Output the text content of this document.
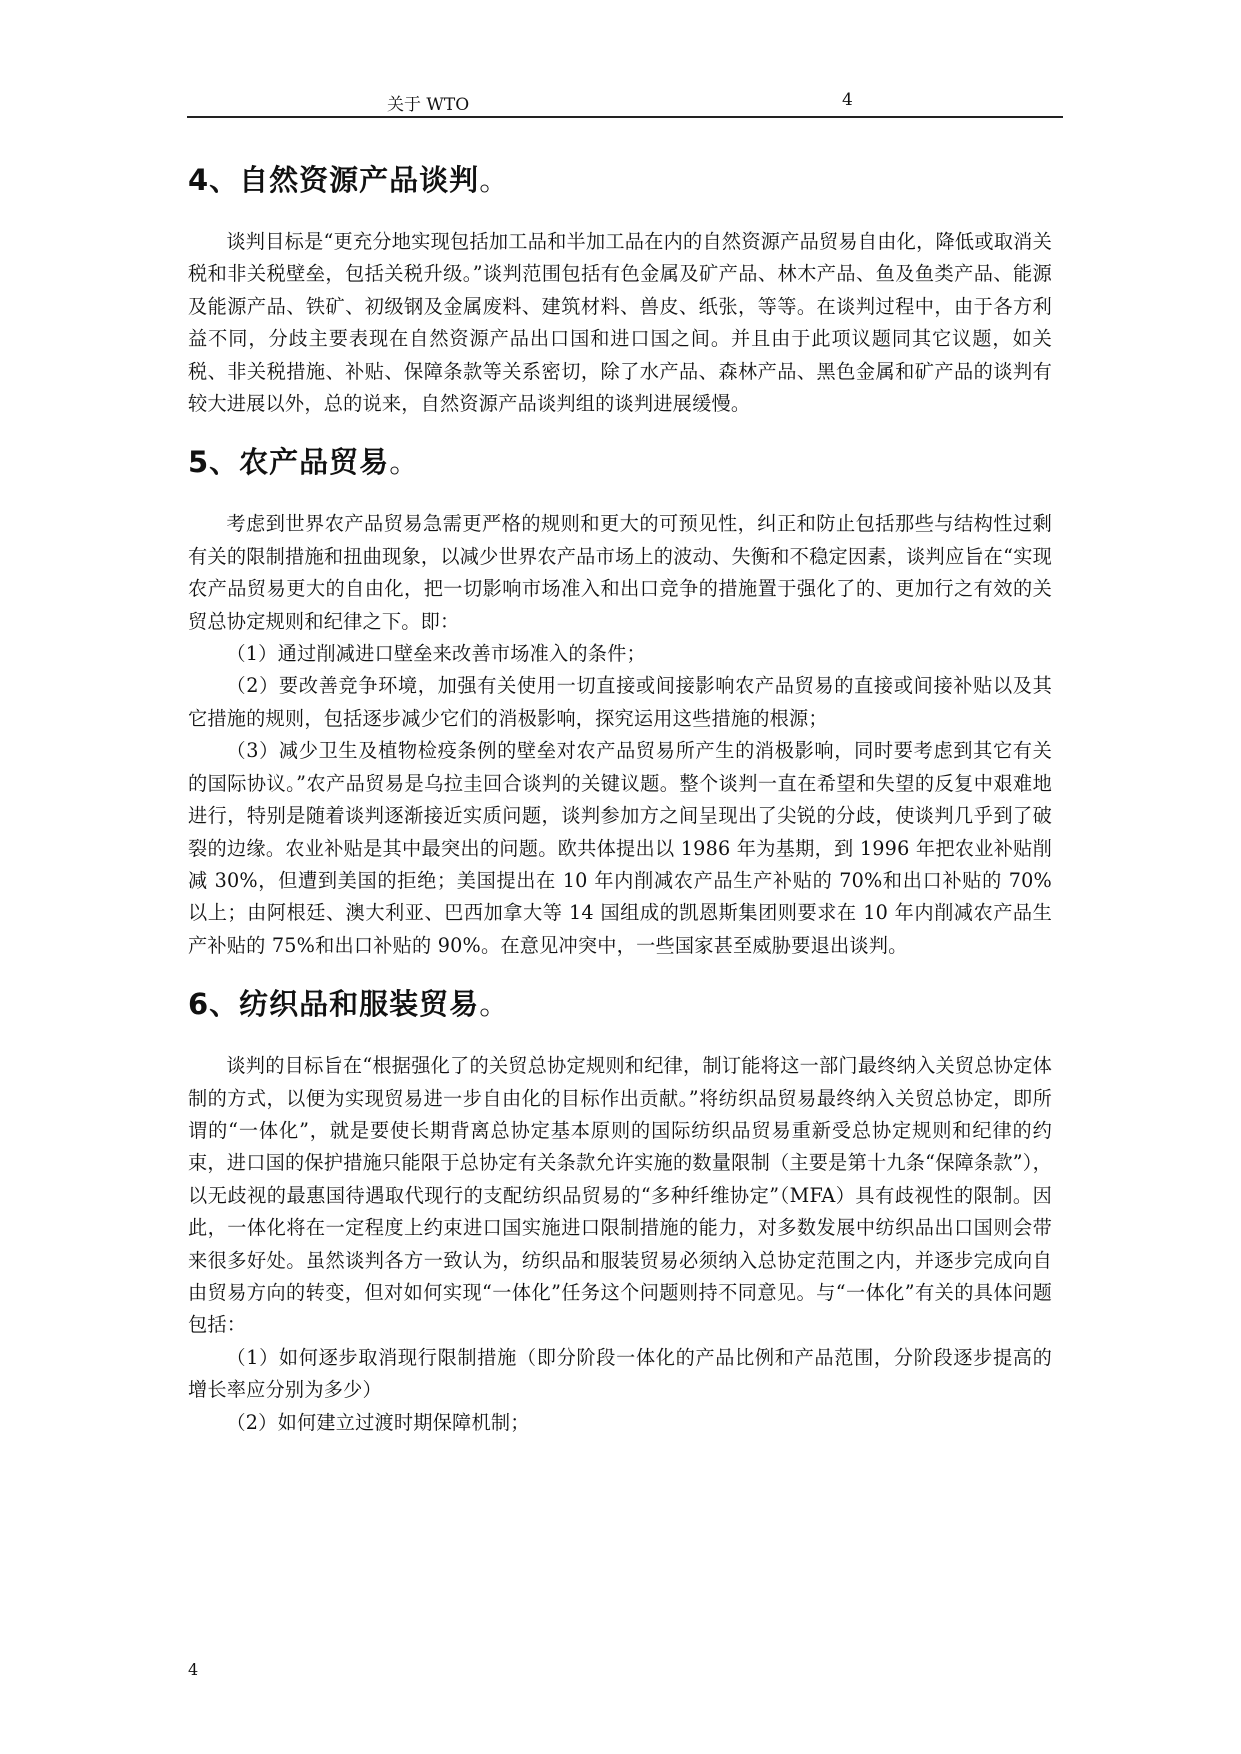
关于 WTO	4
4、自然资源产品谈判。

谈判目标是“更充分地实现包括加工品和半加工品在内的自然资源产品贸易自由化，降低或取消关税和非关税壁垒，包括关税升级。”谈判范围包括有色金属及矿产品、林木产品、鱼及鱼类产品、能源及能源产品、铁矿、初级钢及金属废料、建筑材料、兽皮、纸张，等等。在谈判过程中，由于各方利益不同，分歧主要表现在自然资源产品出口国和进口国之间。并且由于此项议题同其它议题，如关税、非关税措施、补贴、保障条款等关系密切，除了水产品、森林产品、黑色金属和矿产品的谈判有较大进展以外，总的说来，自然资源产品谈判组的谈判进展缓慢。

5、农产品贸易。

考虑到世界农产品贸易急需更严格的规则和更大的可预见性，纠正和防止包括那些与结构性过剩有关的限制措施和扭曲现象，以减少世界农产品市场上的波动、失衡和不稳定因素，谈判应旨在“实现农产品贸易更大的自由化，把一切影响市场准入和出口竞争的措施置于强化了的、更加行之有效的关贸总协定规则和纪律之下。即：

（1）通过削减进口壁垒来改善市场准入的条件；

（2）要改善竞争环境，加强有关使用一切直接或间接影响农产品贸易的直接或间接补贴以及其它措施的规则，包括逐步减少它们的消极影响，探究运用这些措施的根源；

（3）减少卫生及植物检疫条例的壁垒对农产品贸易所产生的消极影响，同时要考虑到其它有关的国际协议。”农产品贸易是乌拉圭回合谈判的关键议题。整个谈判一直在希望和失望的反复中艰难地进行，特别是随着谈判逐渐接近实质问题，谈判参加方之间呈现出了尖锐的分歧，使谈判几乎到了破裂的边缘。农业补贴是其中最突出的问题。欧共体提出以 1986 年为基期，到 1996 年把农业补贴削减 30%，但遭到美国的拒绝；美国提出在 10 年内削减农产品生产补贴的 70%和出口补贴的 70%以上；由阿根廷、澳大利亚、巴西加拿大等 14 国组成的凯恩斯集团则要求在 10 年内削减农产品生产补贴的 75%和出口补贴的 90%。在意见冲突中，一些国家甚至威胁要退出谈判。

6、纺织品和服装贸易。

谈判的目标旨在“根据强化了的关贸总协定规则和纪律，制订能将这一部门最终纳入关贸总协定体制的方式，以便为实现贸易进一步自由化的目标作出贡献。”将纺织品贸易最终纳入关贸总协定，即所谓的“一体化”，就是要使长期背离总协定基本原则的国际纺织品贸易重新受总协定规则和纪律的约束，进口国的保护措施只能限于总协定有关条款允许实施的数量限制（主要是第十九条“保障条款”），以无歧视的最惠国待遇取代现行的支配纺织品贸易的“多种纤维协定”（MFA）具有歧视性的限制。因此，一体化将在一定程度上约束进口国实施进口限制措施的能力，对多数发展中纺织品出口国则会带来很多好处。虽然谈判各方一致认为，纺织品和服装贸易必须纳入总协定范围之内，并逐步完成向自由贸易方向的转变，但对如何实现“一体化”任务这个问题则持不同意见。与“一体化”有关的具体问题包括：

（1）如何逐步取消现行限制措施（即分阶段一体化的产品比例和产品范围，分阶段逐步提高的增长率应分别为多少）

（2）如何建立过渡时期保障机制；

4
